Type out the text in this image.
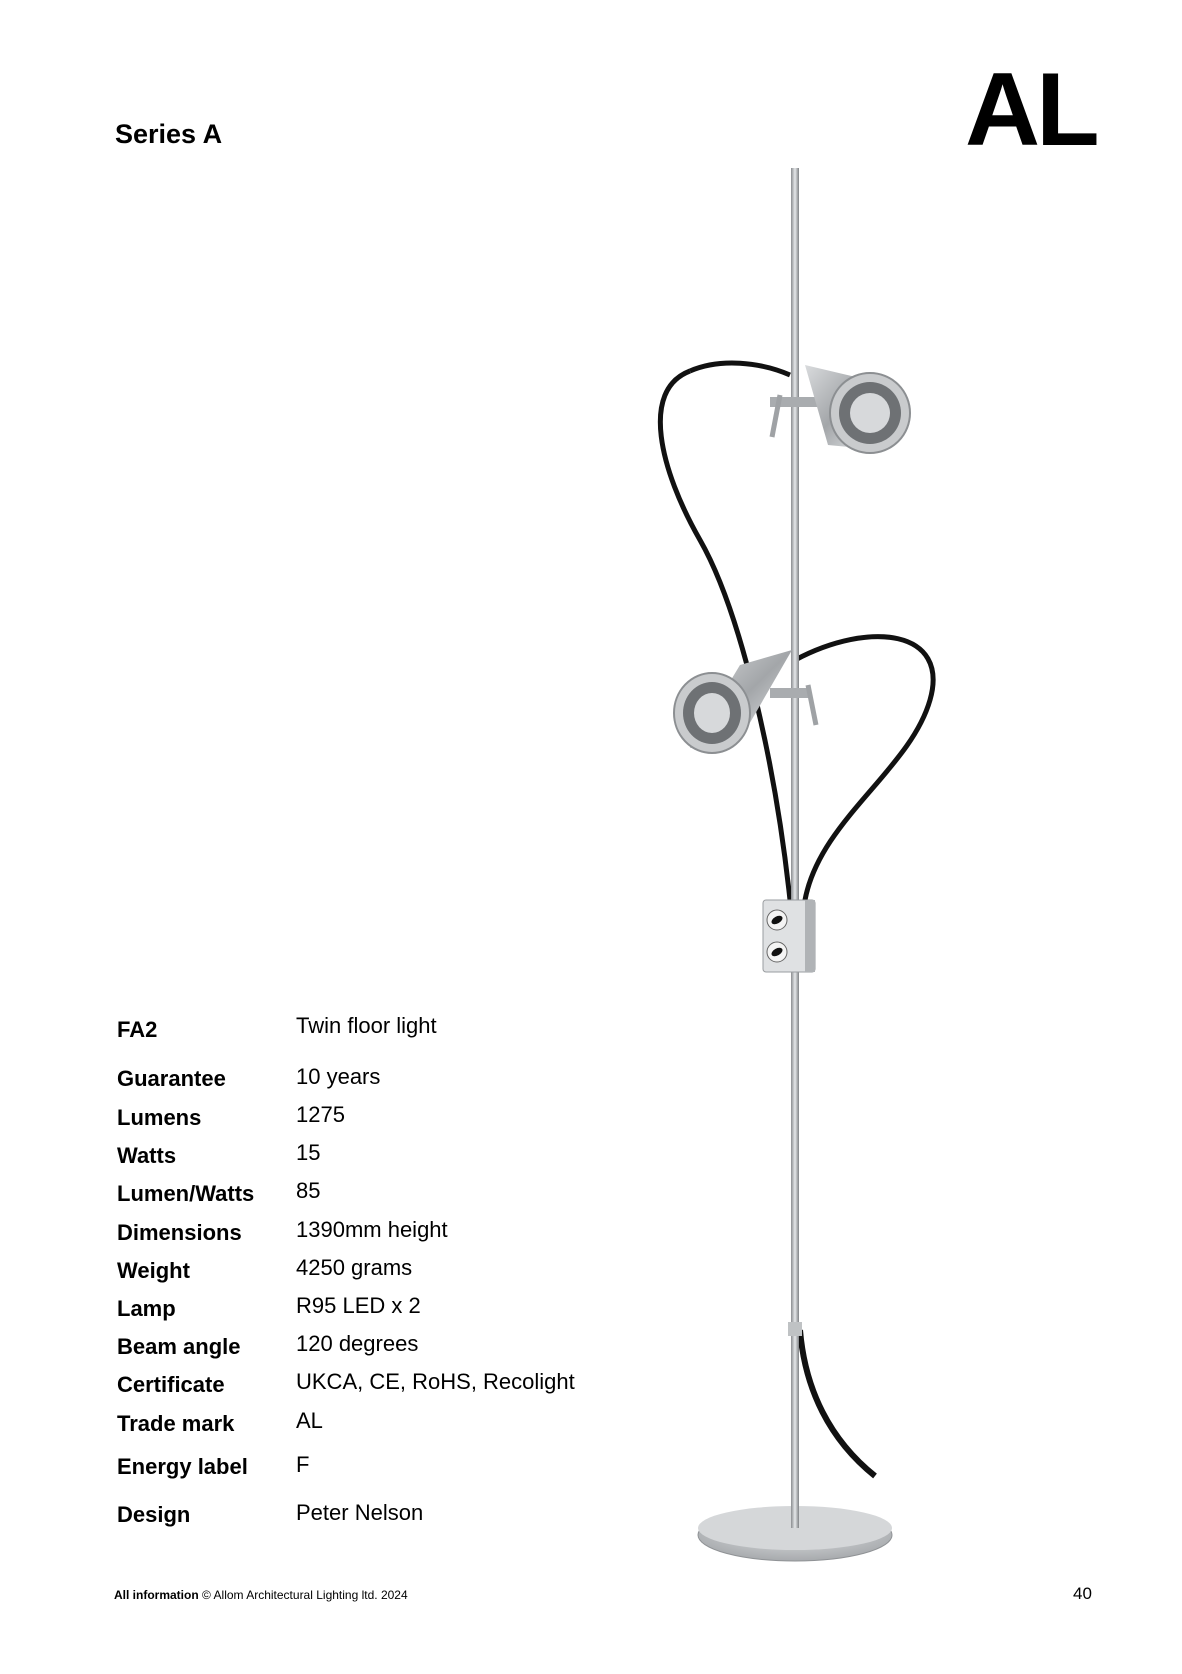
Series A	AL
FA2	Twin floor light
Guarantee	10 years
Lumens	1275
Watts	15
Lumen/Watts 85
Dimensions 1390mm height
Weight	4250 grams
Lamp	R95 LED x 2
Beam angle	120 degrees
Certificate	UKCA, CE, RoHS, Recolight
Trade mark	AL
Energy label F
Design	Peter Nelson
All information © Allom Architectural Lighting ltd. 2024	40
